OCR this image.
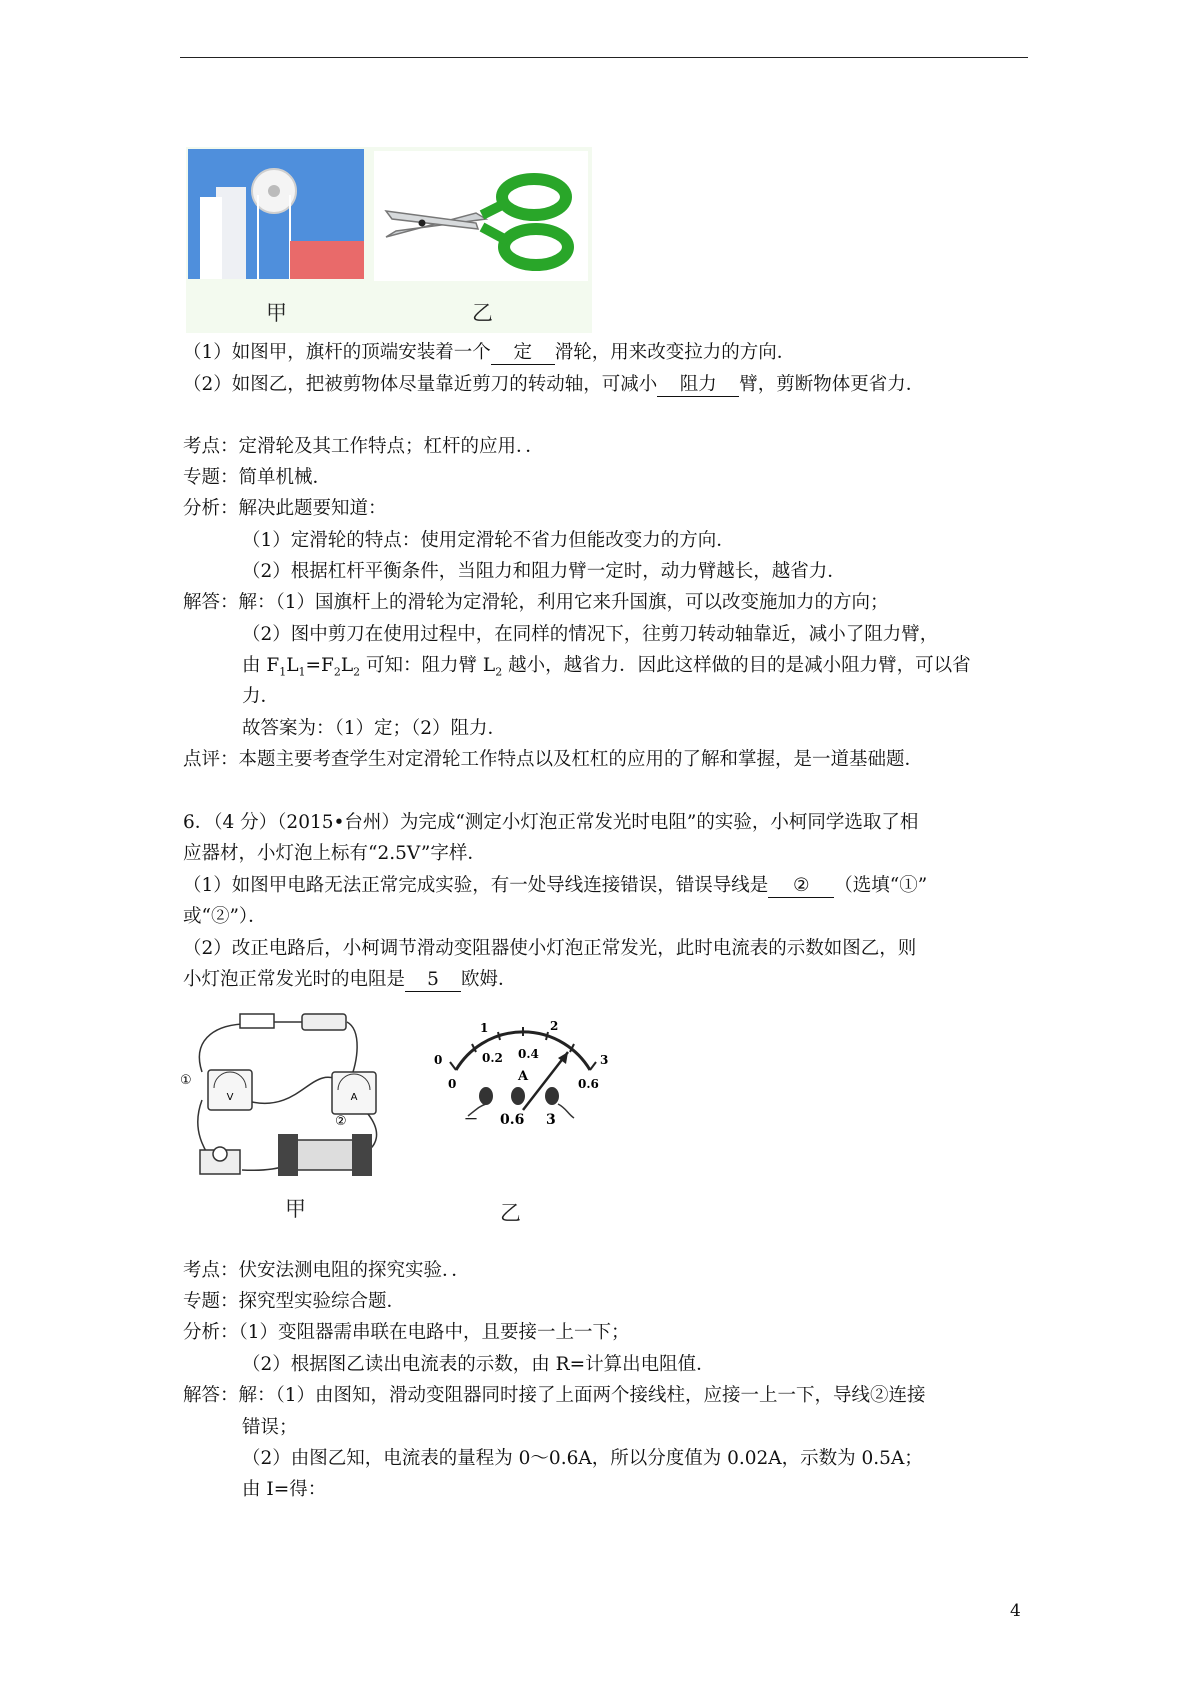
甲	乙
（1）如图甲，旗杆的顶端安装着一个 定 滑轮，用来改变拉力的方向．
（2）如图乙，把被剪物体尽量靠近剪刀的转动轴，可减小 阻力 臂，剪断物体更省力．
考点：定滑轮及其工作特点；杠杆的应用．．
专题：简单机械．
分析：解决此题要知道：
（1）定滑轮的特点：使用定滑轮不省力但能改变力的方向．
（2）根据杠杆平衡条件，当阻力和阻力臂一定时，动力臂越长，越省力．
解答：解：（1）国旗杆上的滑轮为定滑轮，利用它来升国旗，可以改变施加力的方向；
（2）图中剪刀在使用过程中，在同样的情况下，往剪刀转动轴靠近，减小了阻力臂，
由 $F_1L_1=F_2L_2$ 可知：阻力臂 $L_2$ 越小，越省力．因此这样做的目的是减小阻力臂，可以省
力．
故答案为：（1）定；（2）阻力．
点评：本题主要考查学生对定滑轮工作特点以及杠杠的应用的了解和掌握，是一道基础题．
6．（4 分）（2015•台州）为完成“测定小灯泡正常发光时电阻”的实验，小柯同学选取了相
应器材，小灯泡上标有“2.5V”字样．
（1）如图甲电路无法正常完成实验，有一处导线连接错误，错误导线是 ② （选填“①”
或“②”）．
（2）改正电路后，小柯调节滑动变阻器使小灯泡正常发光，此时电流表的示数如图乙，则
小灯泡正常发光时的电阻是 5 欧姆．
V	A
①
②
1	2
0	3
0
0.2 0.4
0.6
A
－ 0.6 3
甲	乙
考点：伏安法测电阻的探究实验．．
专题：探究型实验综合题．
分析：（1）变阻器需串联在电路中，且要接一上一下；
（2）根据图乙读出电流表的示数，由 R=计算出电阻值．
解答：解：（1）由图知，滑动变阻器同时接了上面两个接线柱，应接一上一下，导线②连接
错误；
（2）由图乙知，电流表的量程为 0～0.6A，所以分度值为 0.02A，示数为 0.5A；
由 I=得：
4
